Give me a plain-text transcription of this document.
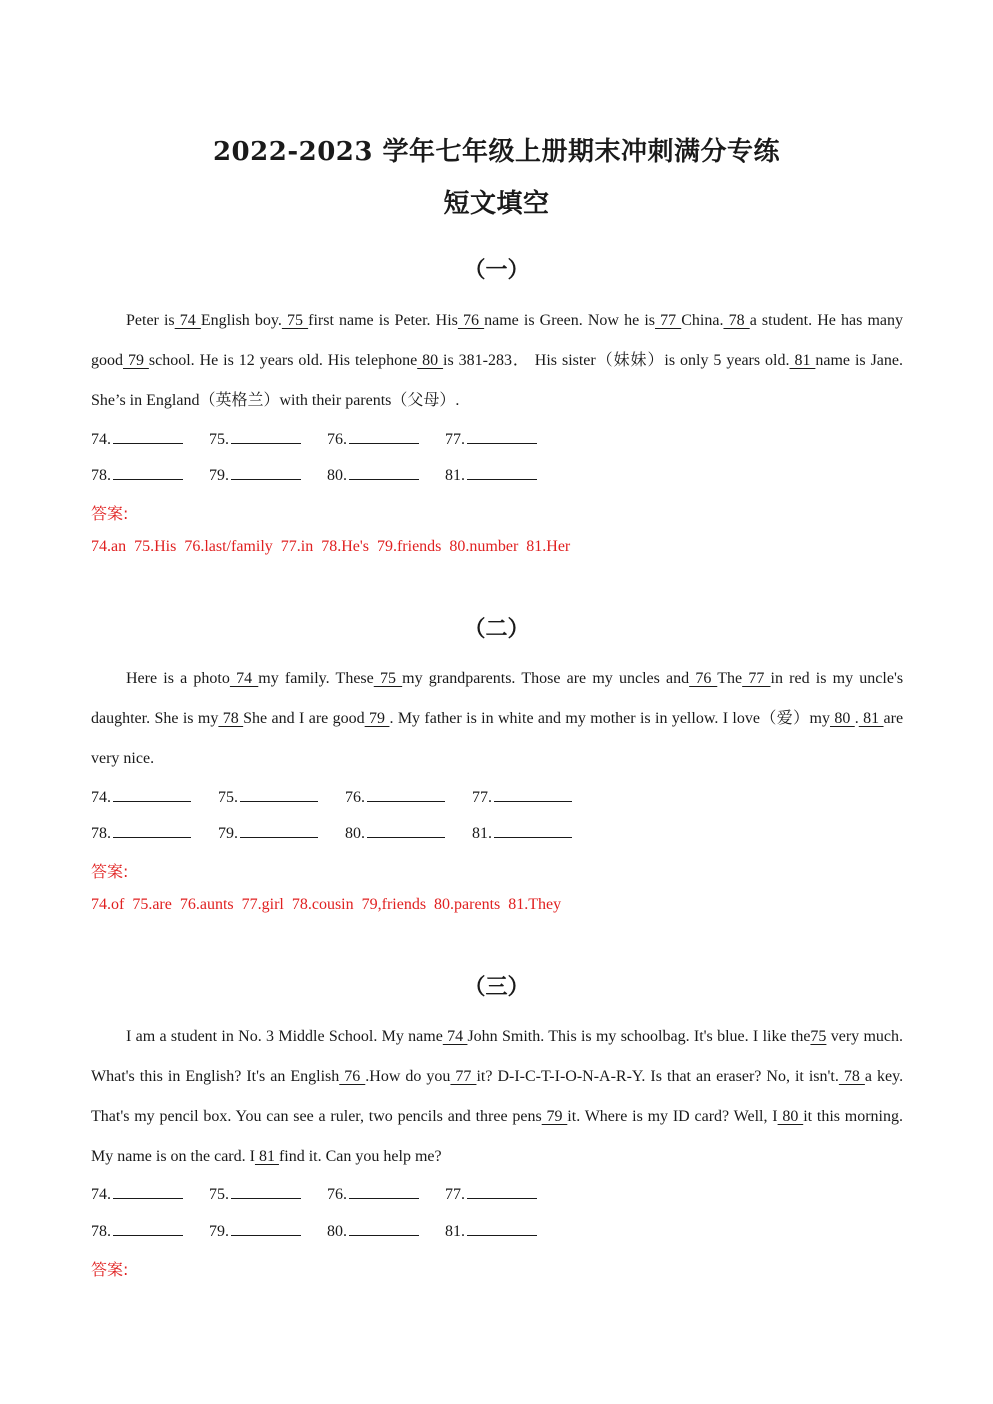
2022-2023 学年七年级上册期末冲刺满分专练
短文填空
（一）

Peter is 74 English boy. 75 first name is Peter. His 76 name is Green. Now he is 77 China. 78 a student. He has many good 79 school. He is 12 years old. His telephone 80 is 381-283． His sister（妹妹）is only 5 years old. 81 name is Jane. She’s in England（英格兰）with their parents（父母）.

74.	75.	76.	77.
78.	79.	80.	81.
答案:
74.an  75.His  76.last/family  77.in  78.He's  79.friends  80.number  81.Her
（二）

Here is a photo 74 my family. These 75 my grandparents. Those are my uncles and 76 The 77 in red is my uncle's daughter. She is my 78 She and I are good 79 . My father is in white and my mother is in yellow. I love（爱）my 80 . 81 are very nice.

74.	75.	76.	77.
78.	79.	80.	81.
答案:
74.of  75.are  76.aunts  77.girl  78.cousin  79,friends  80.parents  81.They
（三）

I am a student in No. 3 Middle School. My name 74 John Smith. This is my schoolbag. It's blue. I like the75 very much. What's this in English? It's an English 76 .How do you 77 it? D-I-C-T-I-O-N-A-R-Y. Is that an eraser? No, it isn't. 78 a key. That's my pencil box. You can see a ruler, two pencils and three pens 79 it. Where is my ID card? Well, I 80 it this morning. My name is on the card. I 81 find it. Can you help me?

74.	75.	76.	77.
78.	79.	80.	81.
答案:
